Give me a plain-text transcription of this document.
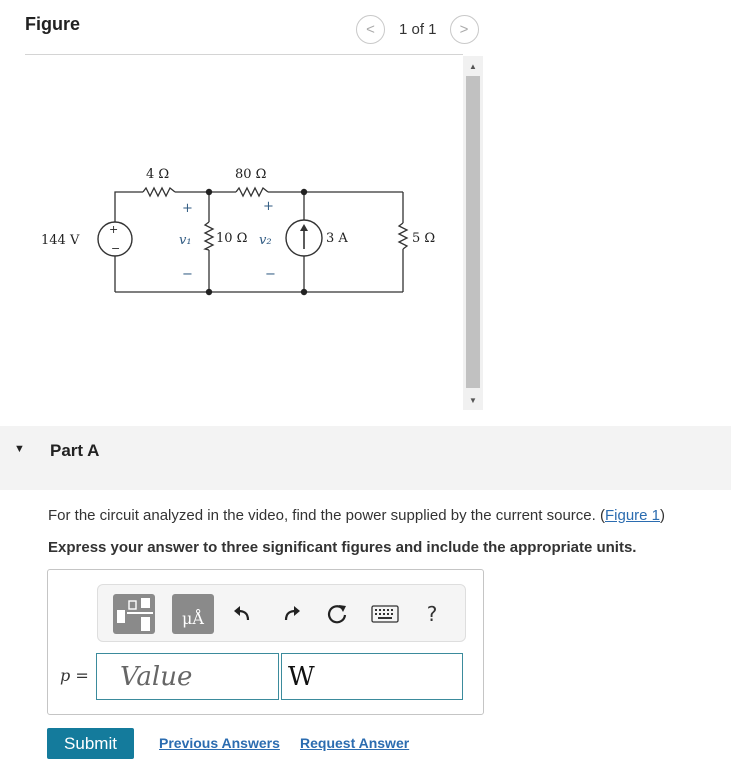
Figure	< 1 of 1 >
144 V
4 Ω	80 Ω
10 Ω	5 Ω
3 A
+
−
v₁
+
−
v₂
+
−
▲
▼
▼ Part A
For the circuit analyzed in the video, find the power supplied by the current source. (Figure 1)
Express your answer to three significant figures and include the appropriate units.
μÅ	?
p =
Value
W
Submit	Previous Answers Request Answer
